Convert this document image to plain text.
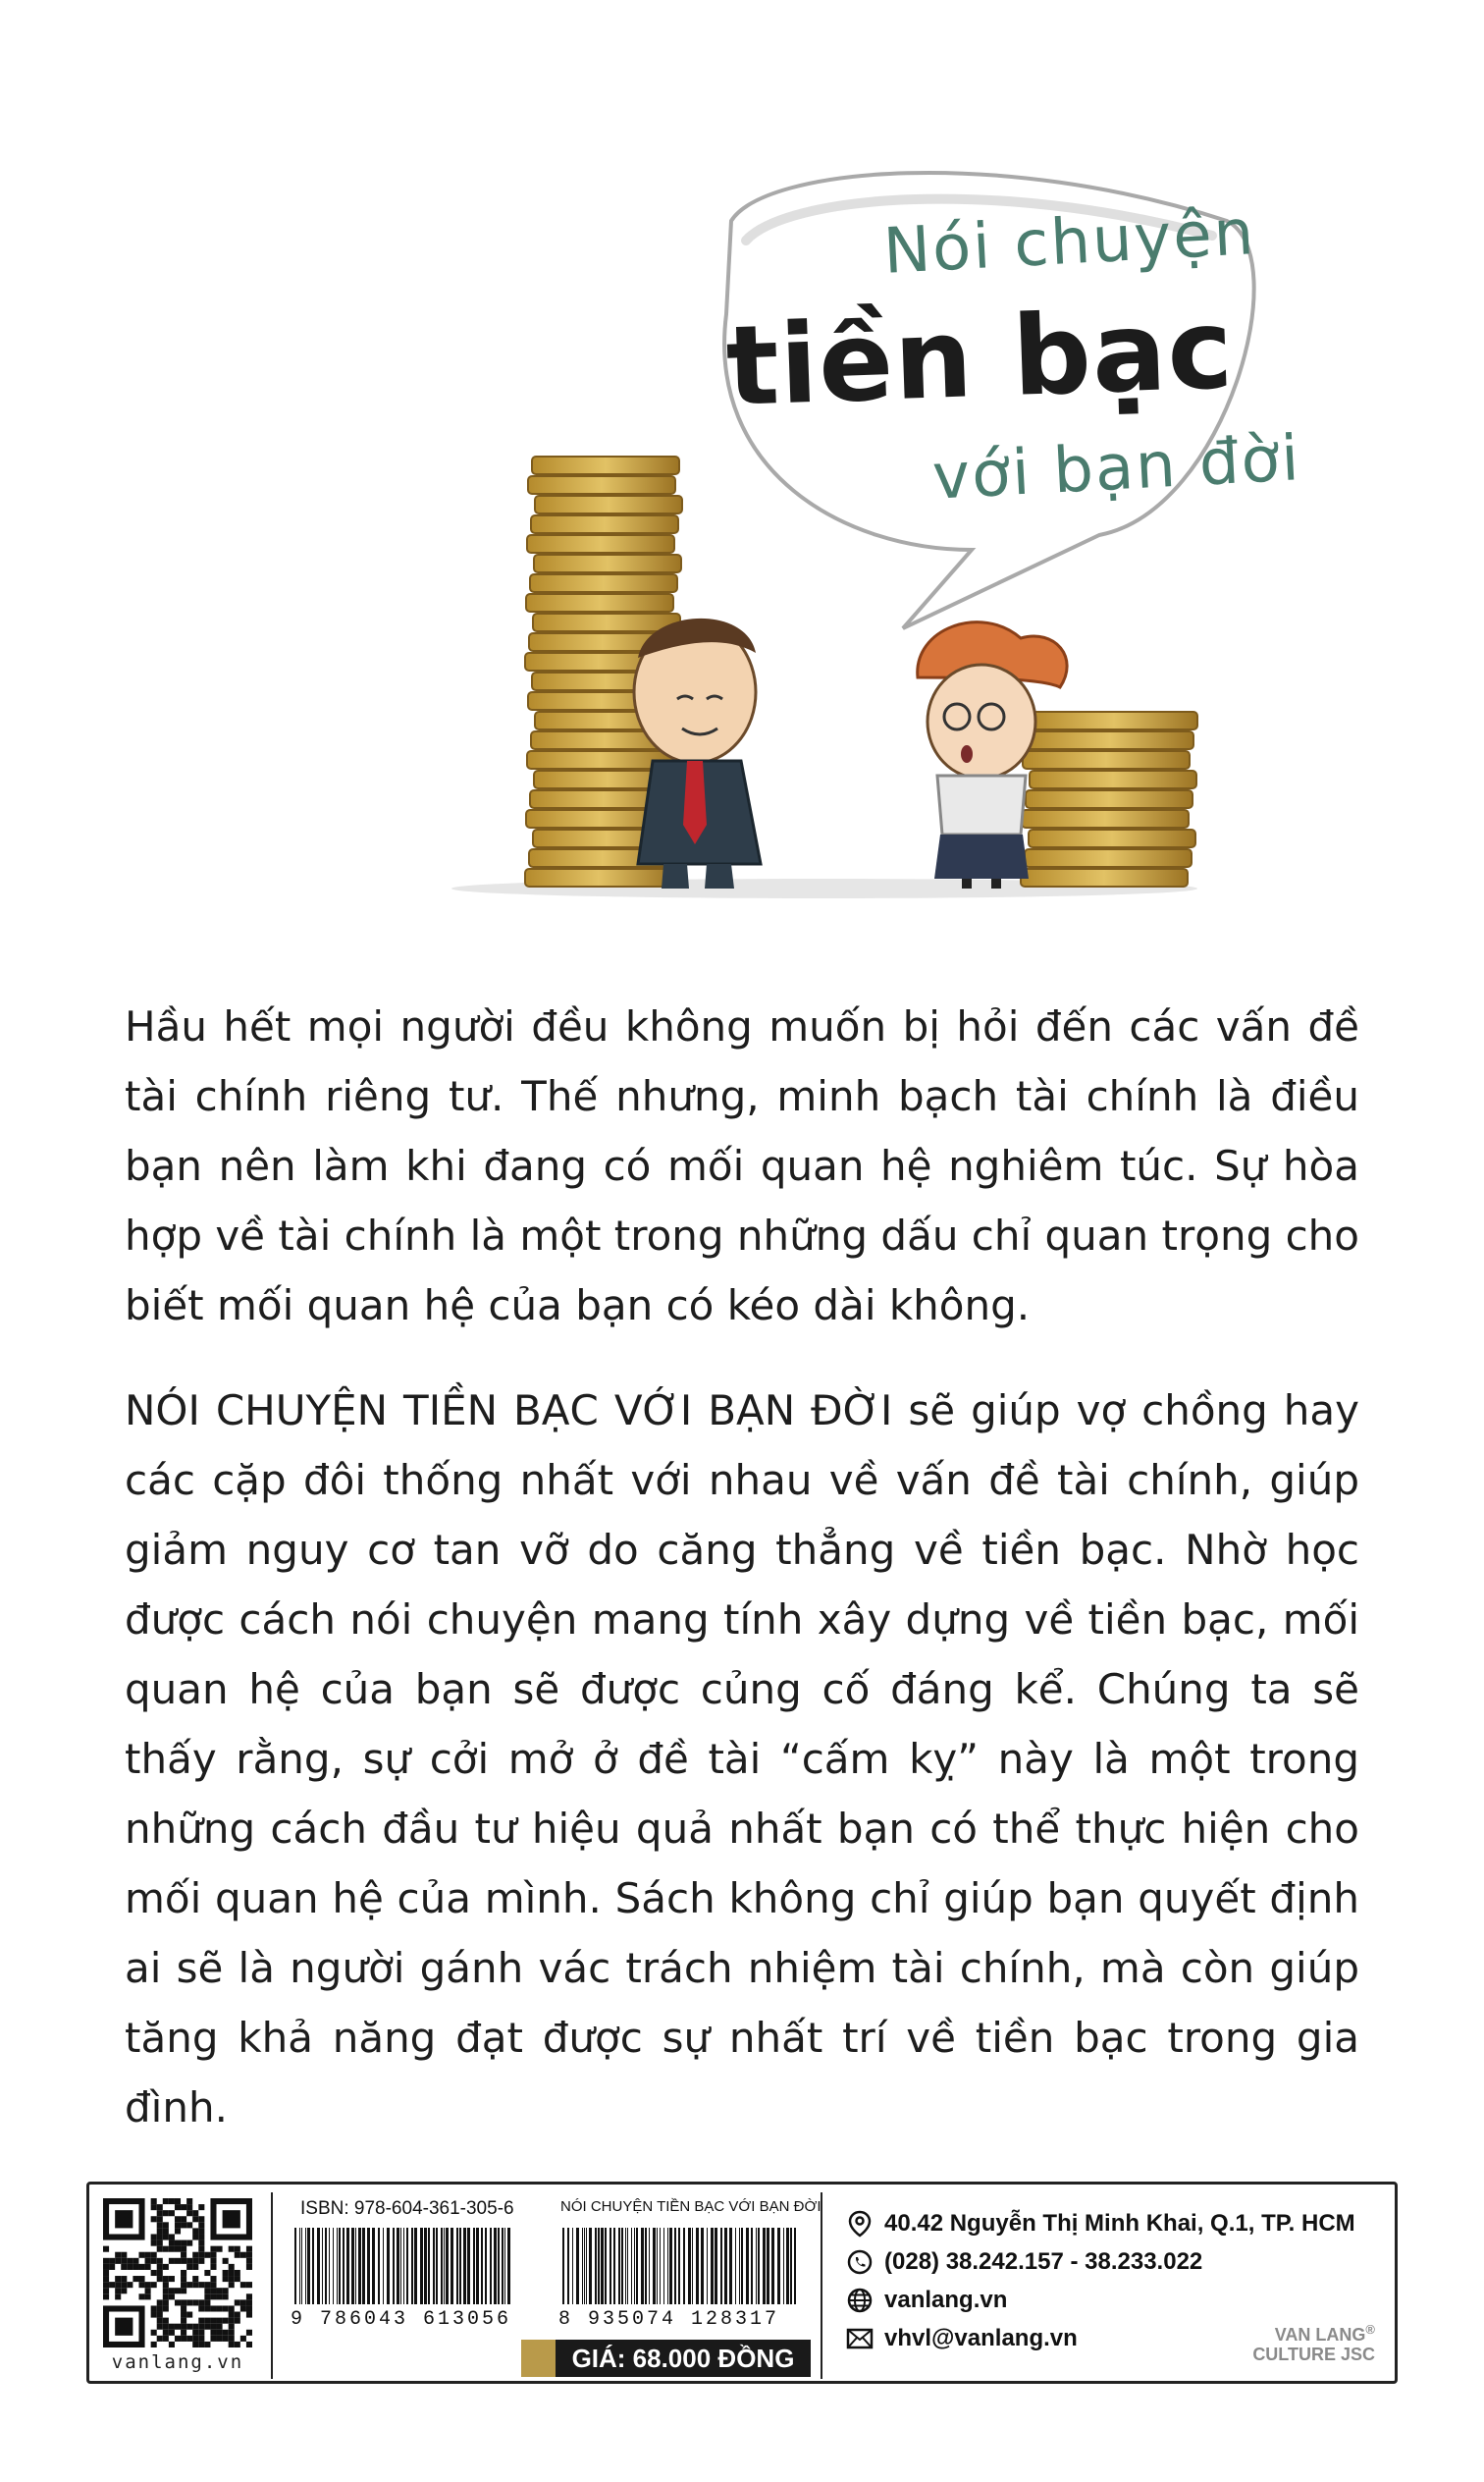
Nói chuyện
tiền bạc
với bạn đời

Hầu hết mọi người đều không muốn bị hỏi đến các vấn đề tài chính riêng tư. Thế nhưng, minh bạch tài chính là điều bạn nên làm khi đang có mối quan hệ nghiêm túc. Sự hòa hợp về tài chính là một trong những dấu chỉ quan trọng cho biết mối quan hệ của bạn có kéo dài không.

NÓI CHUYỆN TIỀN BẠC VỚI BẠN ĐỜI sẽ giúp vợ chồng hay các cặp đôi thống nhất với nhau về vấn đề tài chính, giúp giảm nguy cơ tan vỡ do căng thẳng về tiền bạc. Nhờ học được cách nói chuyện mang tính xây dựng về tiền bạc, mối quan hệ của bạn sẽ được củng cố đáng kể. Chúng ta sẽ thấy rằng, sự cởi mở ở đề tài “cấm kỵ” này là một trong những cách đầu tư hiệu quả nhất bạn có thể thực hiện cho mối quan hệ của mình. Sách không chỉ giúp bạn quyết định ai sẽ là người gánh vác trách nhiệm tài chính, mà còn giúp tăng khả năng đạt được sự nhất trí về tiền bạc trong gia đình.

vanlang.vn
ISBN: 978-604-361-305-6	NÓI CHUYỆN TIỀN BẠC VỚI BẠN ĐỜI
9 786043 613056 8 935074 128317
GIÁ: 68.000 ĐỒNG
40.42 Nguyễn Thị Minh Khai, Q.1, TP. HCM
(028) 38.242.157 - 38.233.022
vanlang.vn
vhvl@vanlang.vn	VAN LANG®
CULTURE JSC
